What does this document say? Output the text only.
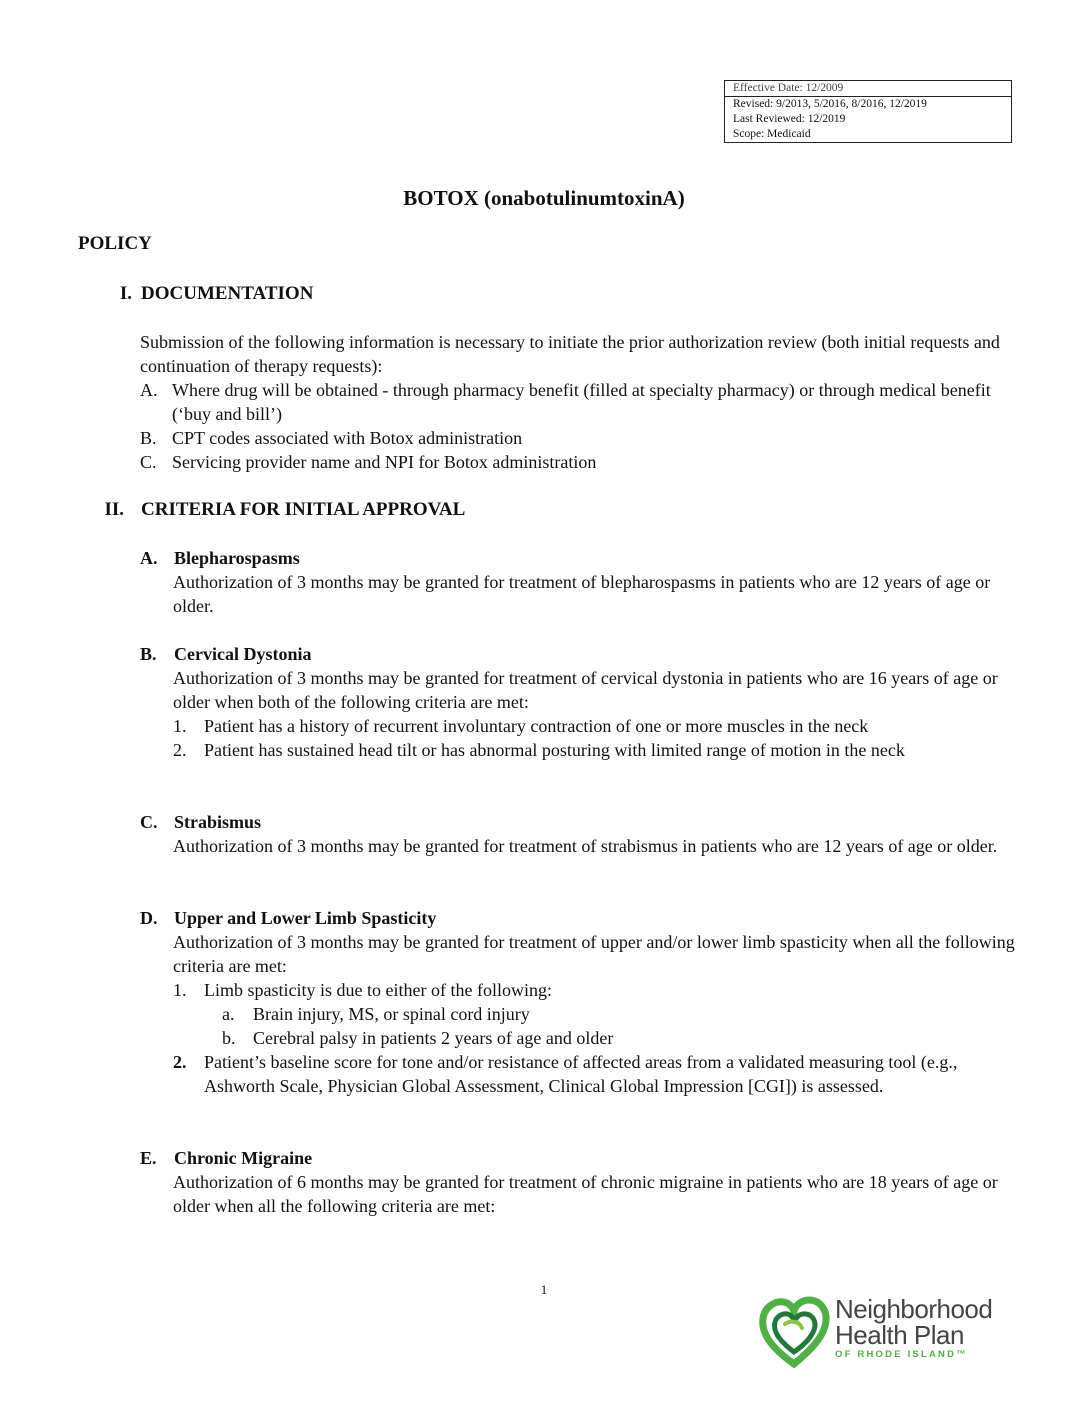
Effective Date: 12/2009
Revised: 9/2013, 5/2016, 8/2016, 12/2019
Last Reviewed: 12/2019
Scope: Medicaid
BOTOX (onabotulinumtoxinA)
POLICY
I. DOCUMENTATION
Submission of the following information is necessary to initiate the prior authorization review (both initial requests and continuation of therapy requests):
A. Where drug will be obtained - through pharmacy benefit (filled at specialty pharmacy) or through medical benefit (‘buy and bill’)
B. CPT codes associated with Botox administration
C. Servicing provider name and NPI for Botox administration
II. CRITERIA FOR INITIAL APPROVAL
A. Blepharospasms
Authorization of 3 months may be granted for treatment of blepharospasms in patients who are 12 years of age or older.
B. Cervical Dystonia
Authorization of 3 months may be granted for treatment of cervical dystonia in patients who are 16 years of age or older when both of the following criteria are met:
1. Patient has a history of recurrent involuntary contraction of one or more muscles in the neck
2. Patient has sustained head tilt or has abnormal posturing with limited range of motion in the neck
C. Strabismus
Authorization of 3 months may be granted for treatment of strabismus in patients who are 12 years of age or older.
D. Upper and Lower Limb Spasticity
Authorization of 3 months may be granted for treatment of upper and/or lower limb spasticity when all the following criteria are met:
1. Limb spasticity is due to either of the following:
a. Brain injury, MS, or spinal cord injury
b. Cerebral palsy in patients 2 years of age and older
2. Patient’s baseline score for tone and/or resistance of affected areas from a validated measuring tool (e.g., Ashworth Scale, Physician Global Assessment, Clinical Global Impression [CGI]) is assessed.
E. Chronic Migraine
Authorization of 6 months may be granted for treatment of chronic migraine in patients who are 18 years of age or older when all the following criteria are met:
1
Neighborhood
Health Plan
OF RHODE ISLAND™
